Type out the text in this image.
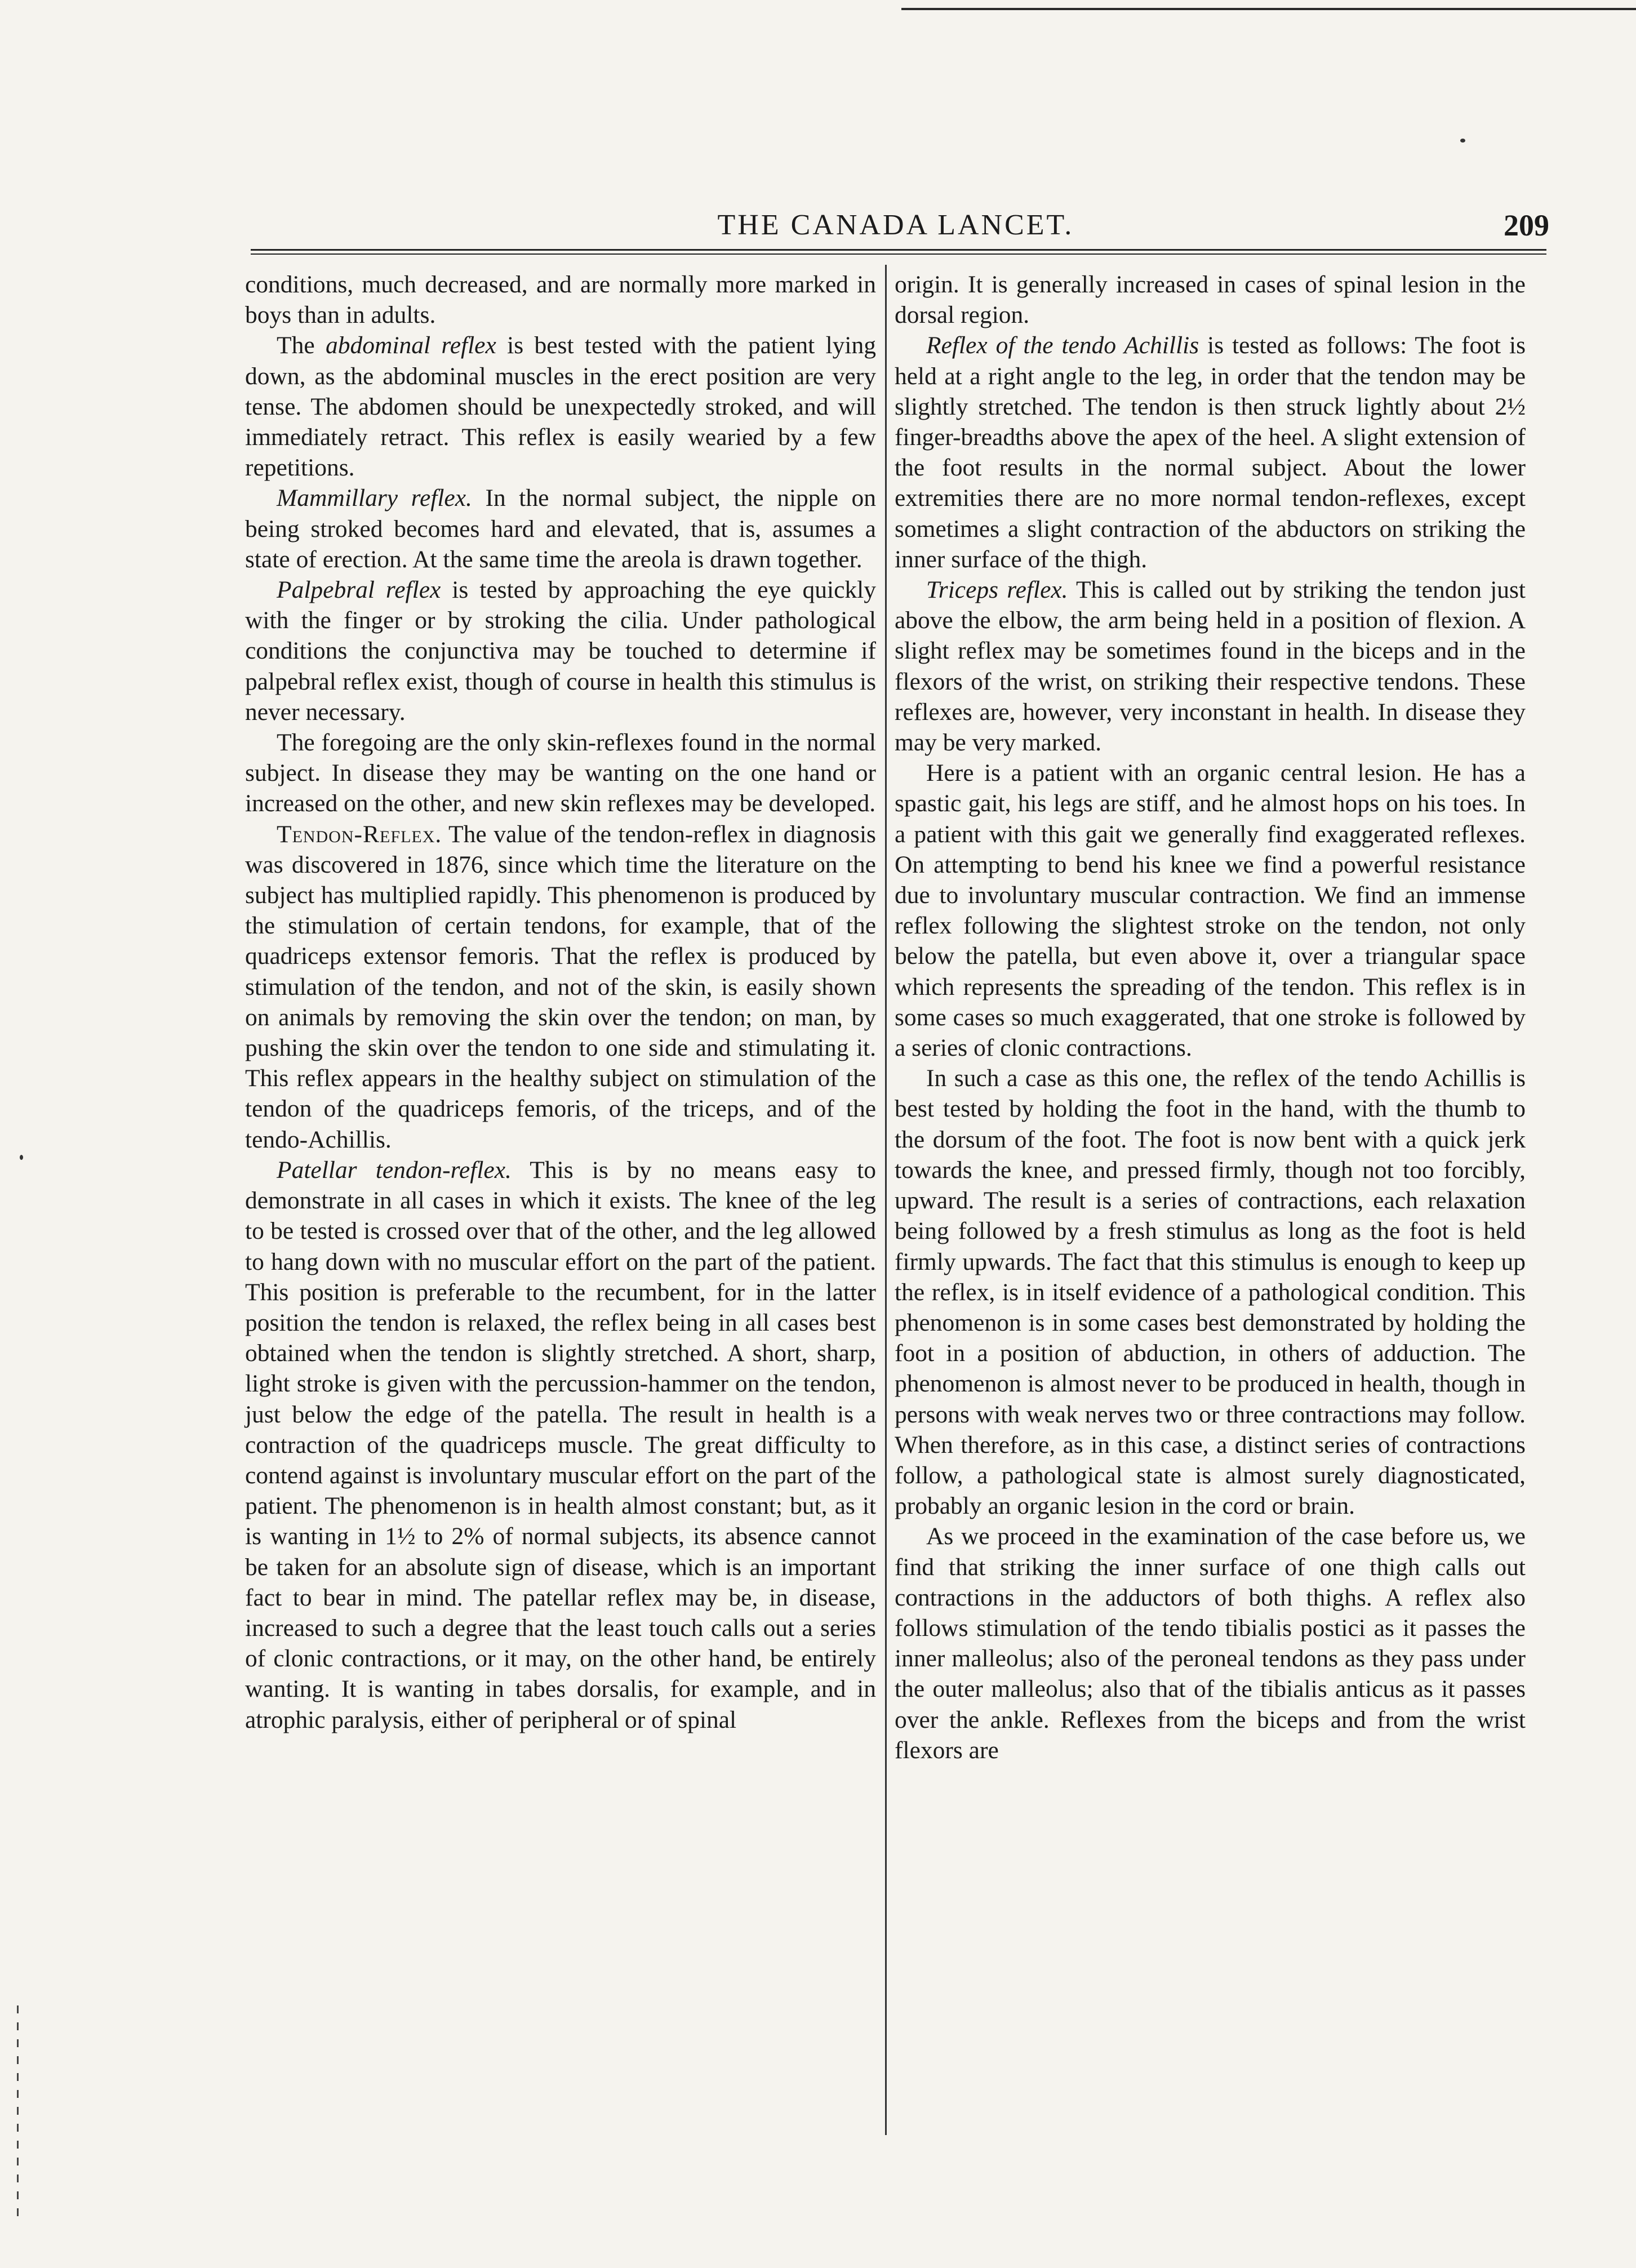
THE CANADA LANCET.	209

conditions, much decreased, and are normally more marked in boys than in adults.

The abdominal reflex is best tested with the patient lying down, as the abdominal muscles in the erect position are very tense. The abdomen should be unexpectedly stroked, and will immediately retract. This reflex is easily wearied by a few repetitions.

Mammillary reflex. In the normal subject, the nipple on being stroked becomes hard and elevated, that is, assumes a state of erection. At the same time the areola is drawn together.

Palpebral reflex is tested by approaching the eye quickly with the finger or by stroking the cilia. Under pathological conditions the conjunctiva may be touched to determine if palpebral reflex exist, though of course in health this stimulus is never necessary.

The foregoing are the only skin-reflexes found in the normal subject. In disease they may be wanting on the one hand or increased on the other, and new skin reflexes may be developed.

Tendon-Reflex. The value of the tendon-reflex in diagnosis was discovered in 1876, since which time the literature on the subject has multiplied rapidly. This phenomenon is produced by the stimulation of certain tendons, for example, that of the quadriceps extensor femoris. That the reflex is produced by stimulation of the tendon, and not of the skin, is easily shown on animals by removing the skin over the tendon; on man, by pushing the skin over the tendon to one side and stimulating it. This reflex appears in the healthy subject on stimulation of the tendon of the quadriceps femoris, of the triceps, and of the tendo-Achillis.

Patellar tendon-reflex. This is by no means easy to demonstrate in all cases in which it exists. The knee of the leg to be tested is crossed over that of the other, and the leg allowed to hang down with no muscular effort on the part of the patient. This position is preferable to the recumbent, for in the latter position the tendon is relaxed, the reflex being in all cases best obtained when the tendon is slightly stretched. A short, sharp, light stroke is given with the percussion-hammer on the tendon, just below the edge of the patella. The result in health is a contraction of the quadriceps muscle. The great difficulty to contend against is involuntary muscular effort on the part of the patient. The phenomenon is in health almost constant; but, as it is wanting in 1½ to 2% of normal subjects, its absence cannot be taken for an absolute sign of disease, which is an important fact to bear in mind. The patellar reflex may be, in disease, increased to such a degree that the least touch calls out a series of clonic contractions, or it may, on the other hand, be entirely wanting. It is wanting in tabes dorsalis, for example, and in atrophic paralysis, either of peripheral or of spinal

origin. It is generally increased in cases of spinal lesion in the dorsal region.

Reflex of the tendo Achillis is tested as follows: The foot is held at a right angle to the leg, in order that the tendon may be slightly stretched. The tendon is then struck lightly about 2½ finger-breadths above the apex of the heel. A slight extension of the foot results in the normal subject. About the lower extremities there are no more normal tendon-reflexes, except sometimes a slight contraction of the abductors on striking the inner surface of the thigh.

Triceps reflex. This is called out by striking the tendon just above the elbow, the arm being held in a position of flexion. A slight reflex may be sometimes found in the biceps and in the flexors of the wrist, on striking their respective tendons. These reflexes are, however, very inconstant in health. In disease they may be very marked.

Here is a patient with an organic central lesion. He has a spastic gait, his legs are stiff, and he almost hops on his toes. In a patient with this gait we generally find exaggerated reflexes. On attempting to bend his knee we find a powerful resistance due to involuntary muscular contraction. We find an immense reflex following the slightest stroke on the tendon, not only below the patella, but even above it, over a triangular space which represents the spreading of the tendon. This reflex is in some cases so much exaggerated, that one stroke is followed by a series of clonic contractions.

In such a case as this one, the reflex of the tendo Achillis is best tested by holding the foot in the hand, with the thumb to the dorsum of the foot. The foot is now bent with a quick jerk towards the knee, and pressed firmly, though not too forcibly, upward. The result is a series of contractions, each relaxation being followed by a fresh stimulus as long as the foot is held firmly upwards. The fact that this stimulus is enough to keep up the reflex, is in itself evidence of a pathological condition. This phenomenon is in some cases best demonstrated by holding the foot in a position of abduction, in others of adduction. The phenomenon is almost never to be produced in health, though in persons with weak nerves two or three contractions may follow. When therefore, as in this case, a distinct series of contractions follow, a pathological state is almost surely diagnosticated, probably an organic lesion in the cord or brain.

As we proceed in the examination of the case before us, we find that striking the inner surface of one thigh calls out contractions in the adductors of both thighs. A reflex also follows stimulation of the tendo tibialis postici as it passes the inner malleolus; also of the peroneal tendons as they pass under the outer malleolus; also that of the tibialis anticus as it passes over the ankle. Reflexes from the biceps and from the wrist flexors are
